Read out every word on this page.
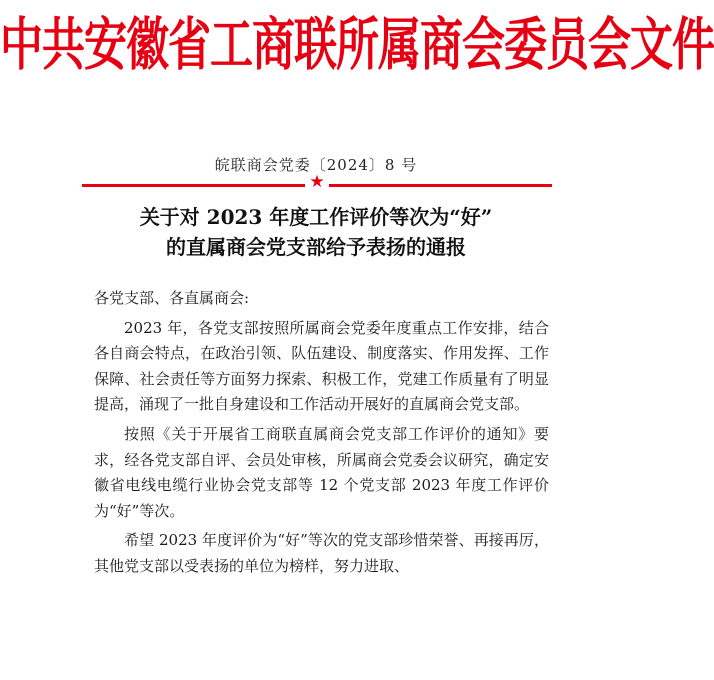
中共安徽省工商联所属商会委员会文件
皖联商会党委〔2024〕8 号
★
关于对 2023 年度工作评价等次为“好”
的直属商会党支部给予表扬的通报

各党支部、各直属商会:

2023 年，各党支部按照所属商会党委年度重点工作安排，结合各自商会特点，在政治引领、队伍建设、制度落实、作用发挥、工作保障、社会责任等方面努力探索、积极工作，党建工作质量有了明显提高，涌现了一批自身建设和工作活动开展好的直属商会党支部。

按照《关于开展省工商联直属商会党支部工作评价的通知》要求，经各党支部自评、会员处审核，所属商会党委会议研究，确定安徽省电线电缆行业协会党支部等 12 个党支部 2023 年度工作评价为“好”等次。

希望 2023 年度评价为“好”等次的党支部珍惜荣誉、再接再厉，其他党支部以受表扬的单位为榜样，努力进取、
